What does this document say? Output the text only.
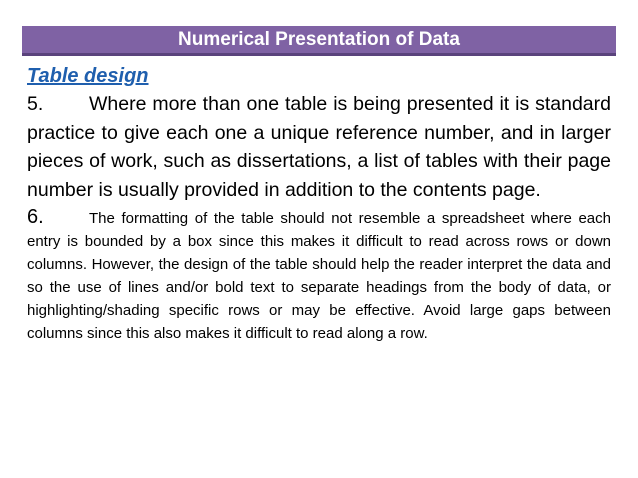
Numerical Presentation of Data
Table design

5. Where more than one table is being presented it is standard practice to give each one a unique reference number, and in larger pieces of work, such as dissertations, a list of tables with their page number is usually provided in addition to the contents page.

6.	The formatting of the table should not resemble a spreadsheet where each entry is bounded by a box since this makes it difficult to read across rows or down columns. However, the design of the table should help the reader interpret the data and so the use of lines and/or bold text to separate headings from the body of data, or highlighting/shading specific rows or may be effective. Avoid large gaps between columns since this also makes it difficult to read along a row.
